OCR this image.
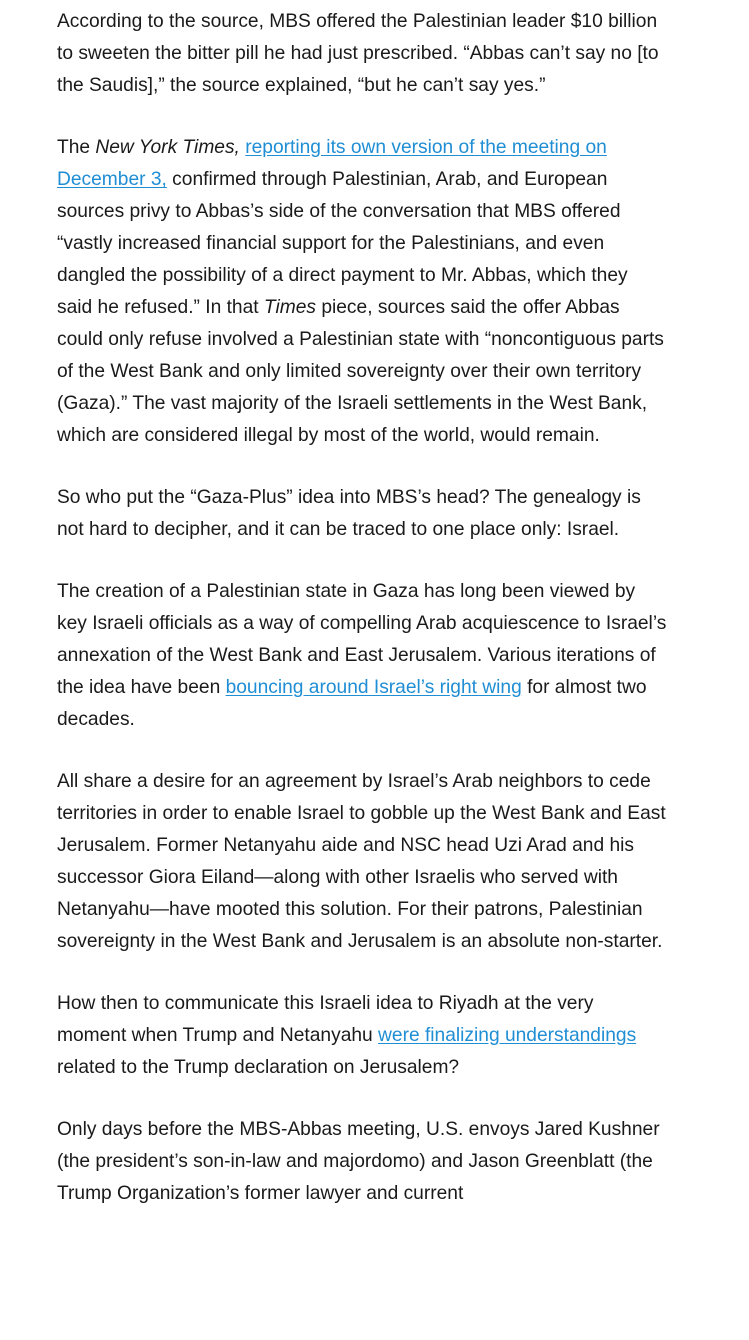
According to the source, MBS offered the Palestinian leader $10 billion to sweeten the bitter pill he had just prescribed. “Abbas can’t say no [to the Saudis],” the source explained, “but he can’t say yes.”

The New York Times, reporting its own version of the meeting on December 3, confirmed through Palestinian, Arab, and European sources privy to Abbas’s side of the conversation that MBS offered “vastly increased financial support for the Palestinians, and even dangled the possibility of a direct payment to Mr. Abbas, which they said he refused.” In that Times piece, sources said the offer Abbas could only refuse involved a Palestinian state with “noncontiguous parts of the West Bank and only limited sovereignty over their own territory (Gaza).” The vast majority of the Israeli settlements in the West Bank, which are considered illegal by most of the world, would remain.

So who put the “Gaza-Plus” idea into MBS’s head? The genealogy is not hard to decipher, and it can be traced to one place only: Israel.

The creation of a Palestinian state in Gaza has long been viewed by key Israeli officials as a way of compelling Arab acquiescence to Israel’s annexation of the West Bank and East Jerusalem. Various iterations of the idea have been bouncing around Israel’s right wing for almost two decades.

All share a desire for an agreement by Israel’s Arab neighbors to cede territories in order to enable Israel to gobble up the West Bank and East Jerusalem. Former Netanyahu aide and NSC head Uzi Arad and his successor Giora Eiland—along with other Israelis who served with Netanyahu—have mooted this solution. For their patrons, Palestinian sovereignty in the West Bank and Jerusalem is an absolute non-starter.

How then to communicate this Israeli idea to Riyadh at the very moment when Trump and Netanyahu were finalizing understandings related to the Trump declaration on Jerusalem?

Only days before the MBS-Abbas meeting, U.S. envoys Jared Kushner (the president’s son-in-law and majordomo) and Jason Greenblatt (the Trump Organization’s former lawyer and current
